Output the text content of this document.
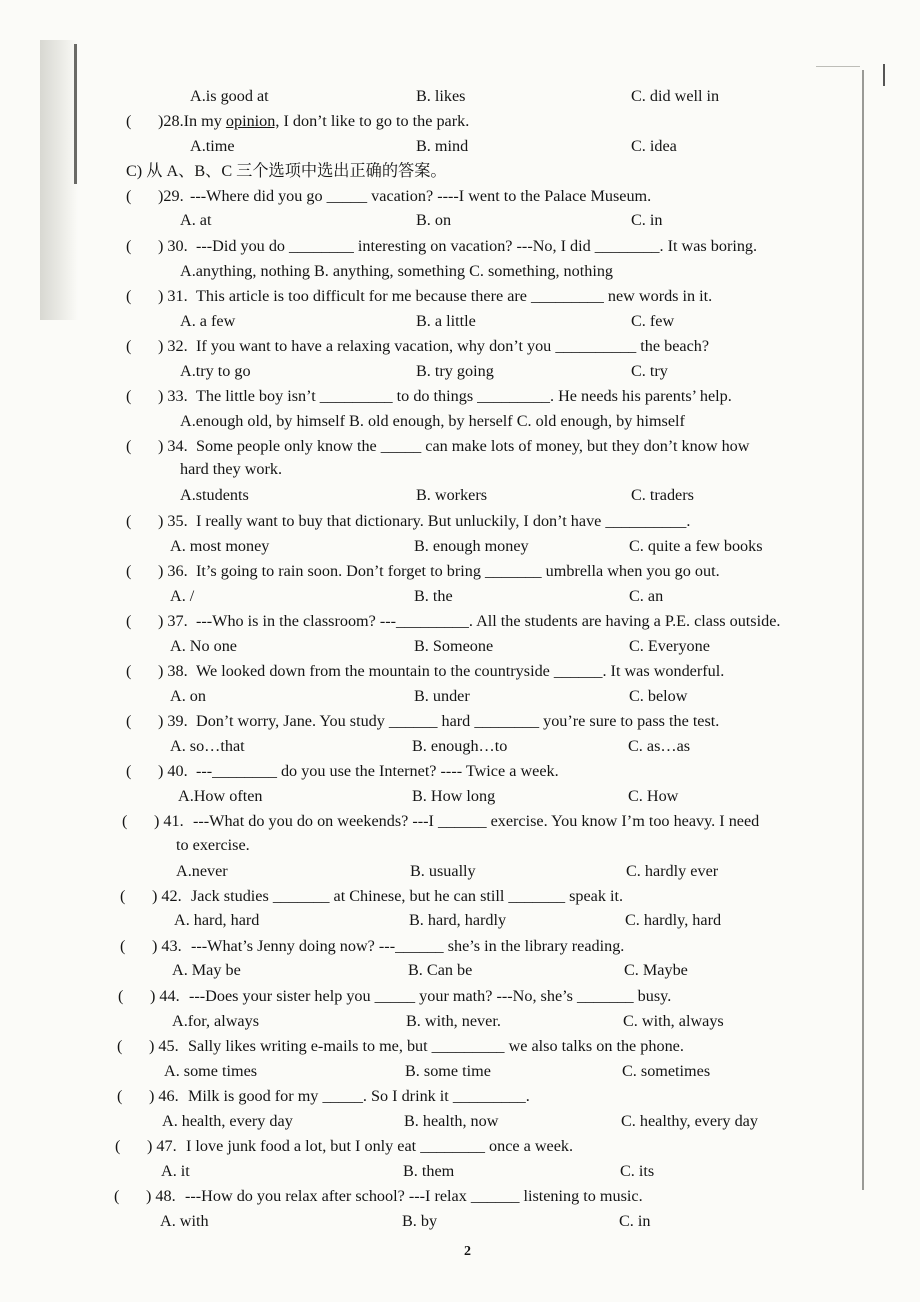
A.is good at	B. likes	C. did well in
( )28.In my opinion, I don’t like to go to the park.
A.time	B. mind	C. idea
C) 从 A、B、C 三个选项中选出正确的答案。
( )29. ---Where did you go _____ vacation? ----I went to the Palace Museum.
A. at	B. on	C. in
( ) 30. ---Did you do ________ interesting on vacation? ---No, I did ________. It was boring.
A.anything, nothing B. anything, something C. something, nothing
( ) 31. This article is too difficult for me because there are _________ new words in it.
A. a few	B. a little	C. few
( ) 32. If you want to have a relaxing vacation, why don’t you __________ the beach?
A.try to go	B. try going	C. try
( ) 33. The little boy isn’t _________ to do things _________. He needs his parents’ help.
A.enough old, by himself B. old enough, by herself C. old enough, by himself
( ) 34. Some people only know the _____ can make lots of money, but they don’t know how
hard they work.
A.students	B. workers	C. traders
( ) 35. I really want to buy that dictionary. But unluckily, I don’t have __________.
A. most money	B. enough money	C. quite a few books
( ) 36. It’s going to rain soon. Don’t forget to bring _______ umbrella when you go out.
A. /	B. the	C. an
( ) 37. ---Who is in the classroom? ---_________. All the students are having a P.E. class outside.
A. No one	B. Someone	C. Everyone
( ) 38. We looked down from the mountain to the countryside ______. It was wonderful.
A. on	B. under	C. below
( ) 39. Don’t worry, Jane. You study ______ hard ________ you’re sure to pass the test.
A. so…that	B. enough…to	C. as…as
( ) 40. ---________ do you use the Internet? ---- Twice a week.
A.How often	B. How long	C. How
( ) 41. ---What do you do on weekends? ---I ______ exercise. You know I’m too heavy. I need
to exercise.
A.never	B. usually	C. hardly ever
( ) 42. Jack studies _______ at Chinese, but he can still _______ speak it.
A. hard, hard	B. hard, hardly	C. hardly, hard
( ) 43. ---What’s Jenny doing now? ---______ she’s in the library reading.
A. May be	B. Can be	C. Maybe
( ) 44. ---Does your sister help you _____ your math? ---No, she’s _______ busy.
A.for, always	B. with, never.	C. with, always
( ) 45. Sally likes writing e-mails to me, but _________ we also talks on the phone.
A. some times	B. some time	C. sometimes
( ) 46. Milk is good for my _____. So I drink it _________.
A. health, every day	B. health, now	C. healthy, every day
( ) 47. I love junk food a lot, but I only eat ________ once a week.
A. it	B. them	C. its
( ) 48. ---How do you relax after school? ---I relax ______ listening to music.
A. with	B. by	C. in
2
